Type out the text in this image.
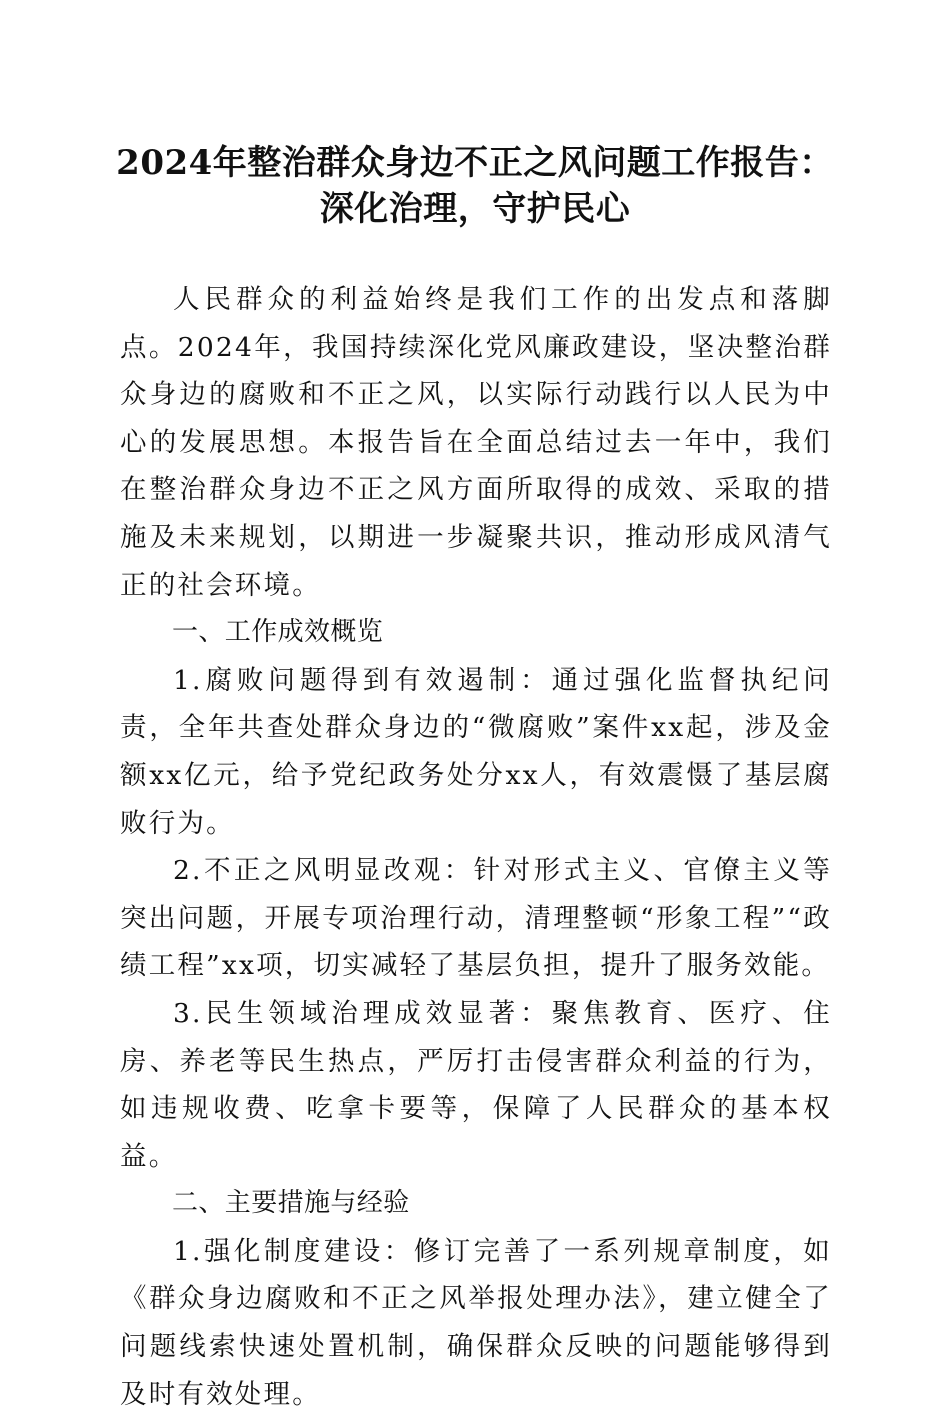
2024年整治群众身边不正之风问题工作报告：
深化治理，守护民心

人民群众的利益始终是我们工作的出发点和落脚点。2024年，我国持续深化党风廉政建设，坚决整治群众身边的腐败和不正之风，以实际行动践行以人民为中心的发展思想。本报告旨在全面总结过去一年中，我们在整治群众身边不正之风方面所取得的成效、采取的措施及未来规划，以期进一步凝聚共识，推动形成风清气正的社会环境。

一、工作成效概览

1.腐败问题得到有效遏制：通过强化监督执纪问责，全年共查处群众身边的“微腐败”案件xx起，涉及金额xx亿元，给予党纪政务处分xx人，有效震慑了基层腐败行为。

2.不正之风明显改观：针对形式主义、官僚主义等突出问题，开展专项治理行动，清理整顿“形象工程”“政绩工程”xx项，切实减轻了基层负担，提升了服务效能。

3.民生领域治理成效显著：聚焦教育、医疗、住房、养老等民生热点，严厉打击侵害群众利益的行为，如违规收费、吃拿卡要等，保障了人民群众的基本权益。

二、主要措施与经验

1.强化制度建设：修订完善了一系列规章制度，如《群众身边腐败和不正之风举报处理办法》，建立健全了问题线索快速处置机制，确保群众反映的问题能够得到及时有效处理。
